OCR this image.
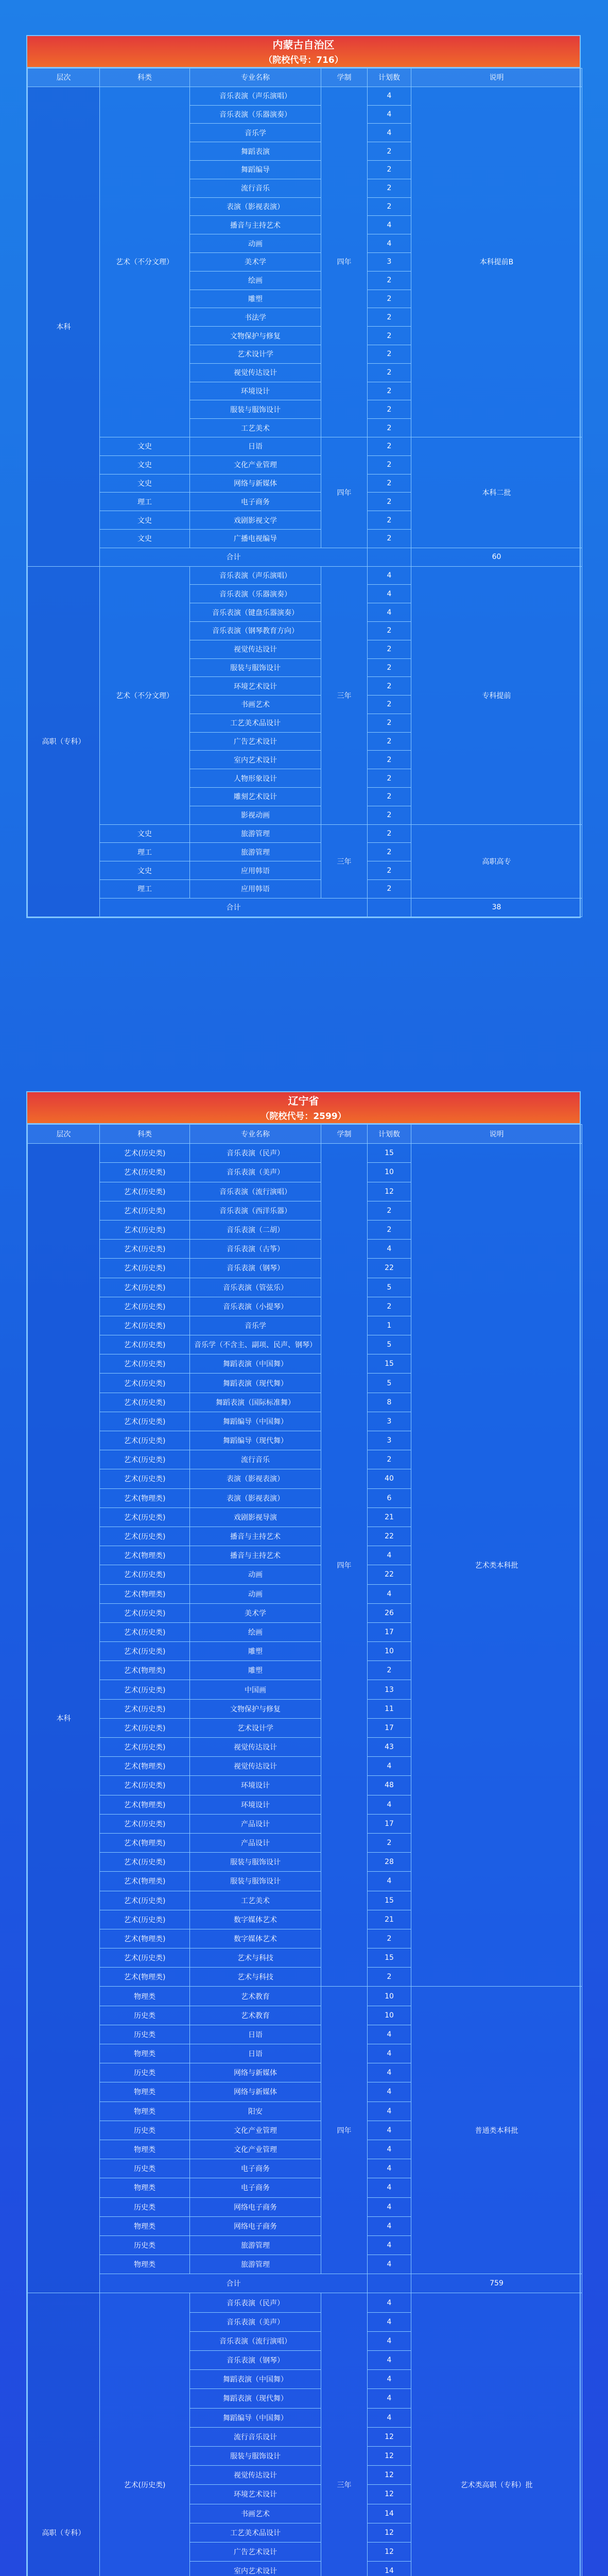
内蒙古自治区
（院校代号：716）
层次	科类	专业名称	学制	计划数	说明	
本科	艺术（不分文理）	音乐表演（声乐演唱）	四年	4	本科提前B	
		音乐表演（乐器演奏）		4		
		音乐学		4		
		舞蹈表演		2		
		舞蹈编导		2		
		流行音乐		2		
		表演（影视表演）		2		
		播音与主持艺术		4		
		动画		4		
		美术学		3		
		绘画		2		
		雕塑		2		
		书法学		2		
		文物保护与修复		2		
		艺术设计学		2		
		视觉传达设计		2		
		环境设计		2		
		服装与服饰设计		2		
		工艺美术		2		
	文史	日语	四年	2	本科二批	
	文史	文化产业管理		2		
	文史	网络与新媒体		2		
	理工	电子商务		2		
	文史	戏剧影视文学		2		
	文史	广播电视编导		2		
	合计				60	
高职（专科）	艺术（不分文理）	音乐表演（声乐演唱）	三年	4	专科提前	
		音乐表演（乐器演奏）		4		
		音乐表演（键盘乐器演奏）		4		
		音乐表演（钢琴教育方向）		2		
		视觉传达设计		2		
		服装与服饰设计		2		
		环境艺术设计		2		
		书画艺术		2		
		工艺美术品设计		2		
		广告艺术设计		2		
		室内艺术设计		2		
		人物形象设计		2		
		雕刻艺术设计		2		
		影视动画		2		
	文史	旅游管理	三年	2	高职高专	
	理工	旅游管理		2		
	文史	应用韩语		2		
	理工	应用韩语		2		
	合计				38	
辽宁省
（院校代号：2599）
层次	科类	专业名称	学制	计划数	说明	
本科	艺术(历史类)	音乐表演（民声）	四年	15	艺术类本科批	
	艺术(历史类)	音乐表演（美声）		10		
	艺术(历史类)	音乐表演（流行演唱）		12		
	艺术(历史类)	音乐表演（西洋乐器）		2		
	艺术(历史类)	音乐表演（二胡）		2		
	艺术(历史类)	音乐表演（古筝）		4		
	艺术(历史类)	音乐表演（钢琴）		22		
	艺术(历史类)	音乐表演（管弦乐）		5		
	艺术(历史类)	音乐表演（小提琴）		2		
	艺术(历史类)	音乐学		1		
	艺术(历史类)	音乐学（不含主、副项、民声、钢琴）		5		
	艺术(历史类)	舞蹈表演（中国舞）		15		
	艺术(历史类)	舞蹈表演（现代舞）		5		
	艺术(历史类)	舞蹈表演（国际标准舞）		8		
	艺术(历史类)	舞蹈编导（中国舞）		3		
	艺术(历史类)	舞蹈编导（现代舞）		3		
	艺术(历史类)	流行音乐		2		
	艺术(历史类)	表演（影视表演）		40		
	艺术(物理类)	表演（影视表演）		6		
	艺术(历史类)	戏剧影视导演		21		
	艺术(历史类)	播音与主持艺术		22		
	艺术(物理类)	播音与主持艺术		4		
	艺术(历史类)	动画		22		
	艺术(物理类)	动画		4		
	艺术(历史类)	美术学		26		
	艺术(历史类)	绘画		17		
	艺术(历史类)	雕塑		10		
	艺术(物理类)	雕塑		2		
	艺术(历史类)	中国画		13		
	艺术(历史类)	文物保护与修复		11		
	艺术(历史类)	艺术设计学		17		
	艺术(历史类)	视觉传达设计		43		
	艺术(物理类)	视觉传达设计		4		
	艺术(历史类)	环境设计		48		
	艺术(物理类)	环境设计		4		
	艺术(历史类)	产品设计		17		
	艺术(物理类)	产品设计		2		
	艺术(历史类)	服装与服饰设计		28		
	艺术(物理类)	服装与服饰设计		4		
	艺术(历史类)	工艺美术		15		
	艺术(历史类)	数字媒体艺术		21		
	艺术(物理类)	数字媒体艺术		2		
	艺术(历史类)	艺术与科技		15		
	艺术(物理类)	艺术与科技		2		
	物理类	艺术教育	四年	10	普通类本科批	
	历史类	艺术教育		10		
	历史类	日语		4		
	物理类	日语		4		
	历史类	网络与新媒体		4		
	物理类	网络与新媒体		4		
	物理类	阳安		4		
	历史类	文化产业管理		4		
	物理类	文化产业管理		4		
	历史类	电子商务		4		
	物理类	电子商务		4		
	历史类	网络电子商务		4		
	物理类	网络电子商务		4		
	历史类	旅游管理		4		
	物理类	旅游管理		4		
	合计				759	
高职（专科）	艺术(历史类)	音乐表演（民声）	三年	4	艺术类高职（专科）批	
		音乐表演（美声）		4		
		音乐表演（流行演唱）		4		
		音乐表演（钢琴）		4		
		舞蹈表演（中国舞）		4		
		舞蹈表演（现代舞）		4		
		舞蹈编导（中国舞）		4		
		流行音乐设计		12		
		服装与服饰设计		12		
		视觉传达设计		12		
		环境艺术设计		12		
		书画艺术		14		
		工艺美术品设计		12		
		广告艺术设计		12		
		室内艺术设计		14		
